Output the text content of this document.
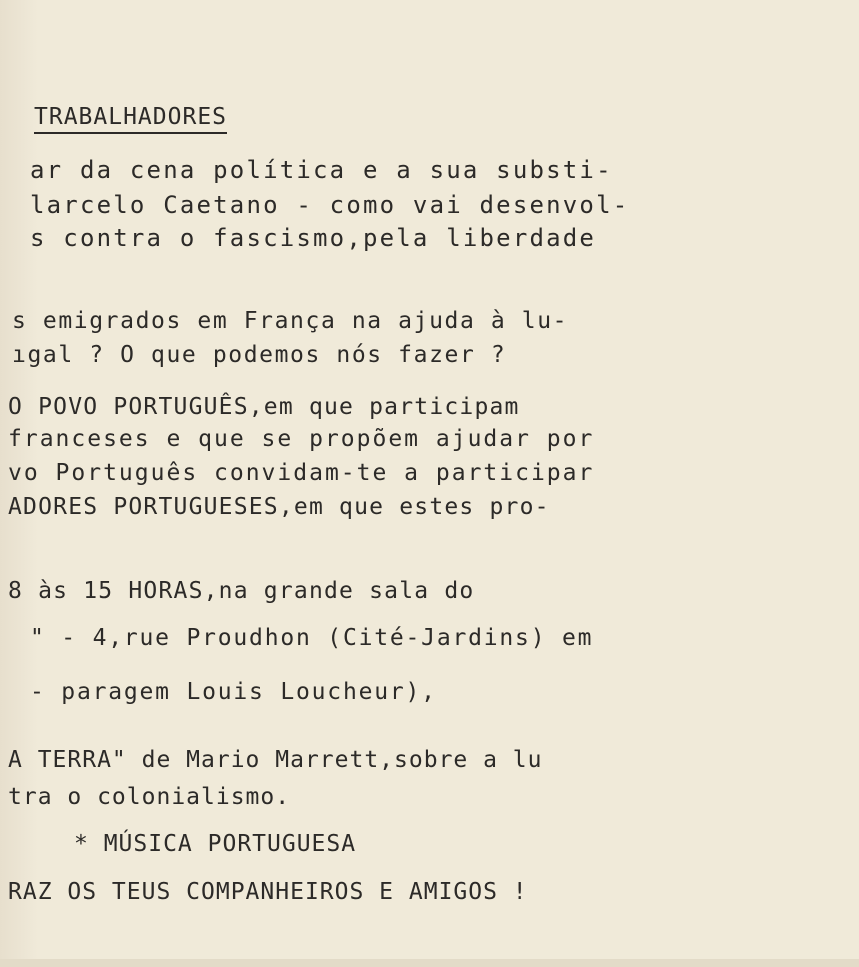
TRABALHADORES
ar da cena política e a sua substi-
larcelo Caetano - como vai desenvol-
s contra o fascismo,pela liberdade
s emigrados em França na ajuda à lu-
ıgal ? O que podemos nós fazer ?
O POVO PORTUGUÊS,em que participam
franceses e que se propõem ajudar por
vo Português convidam-te a participar
ADORES PORTUGUESES,em que estes pro-
8 às 15 HORAS,na grande sala do
" - 4,rue Proudhon (Cité-Jardins) em
- paragem Louis Loucheur),
A TERRA" de Mario Marrett,sobre a lu
tra o colonialismo.
* MÚSICA PORTUGUESA
RAZ OS TEUS COMPANHEIROS E AMIGOS !
